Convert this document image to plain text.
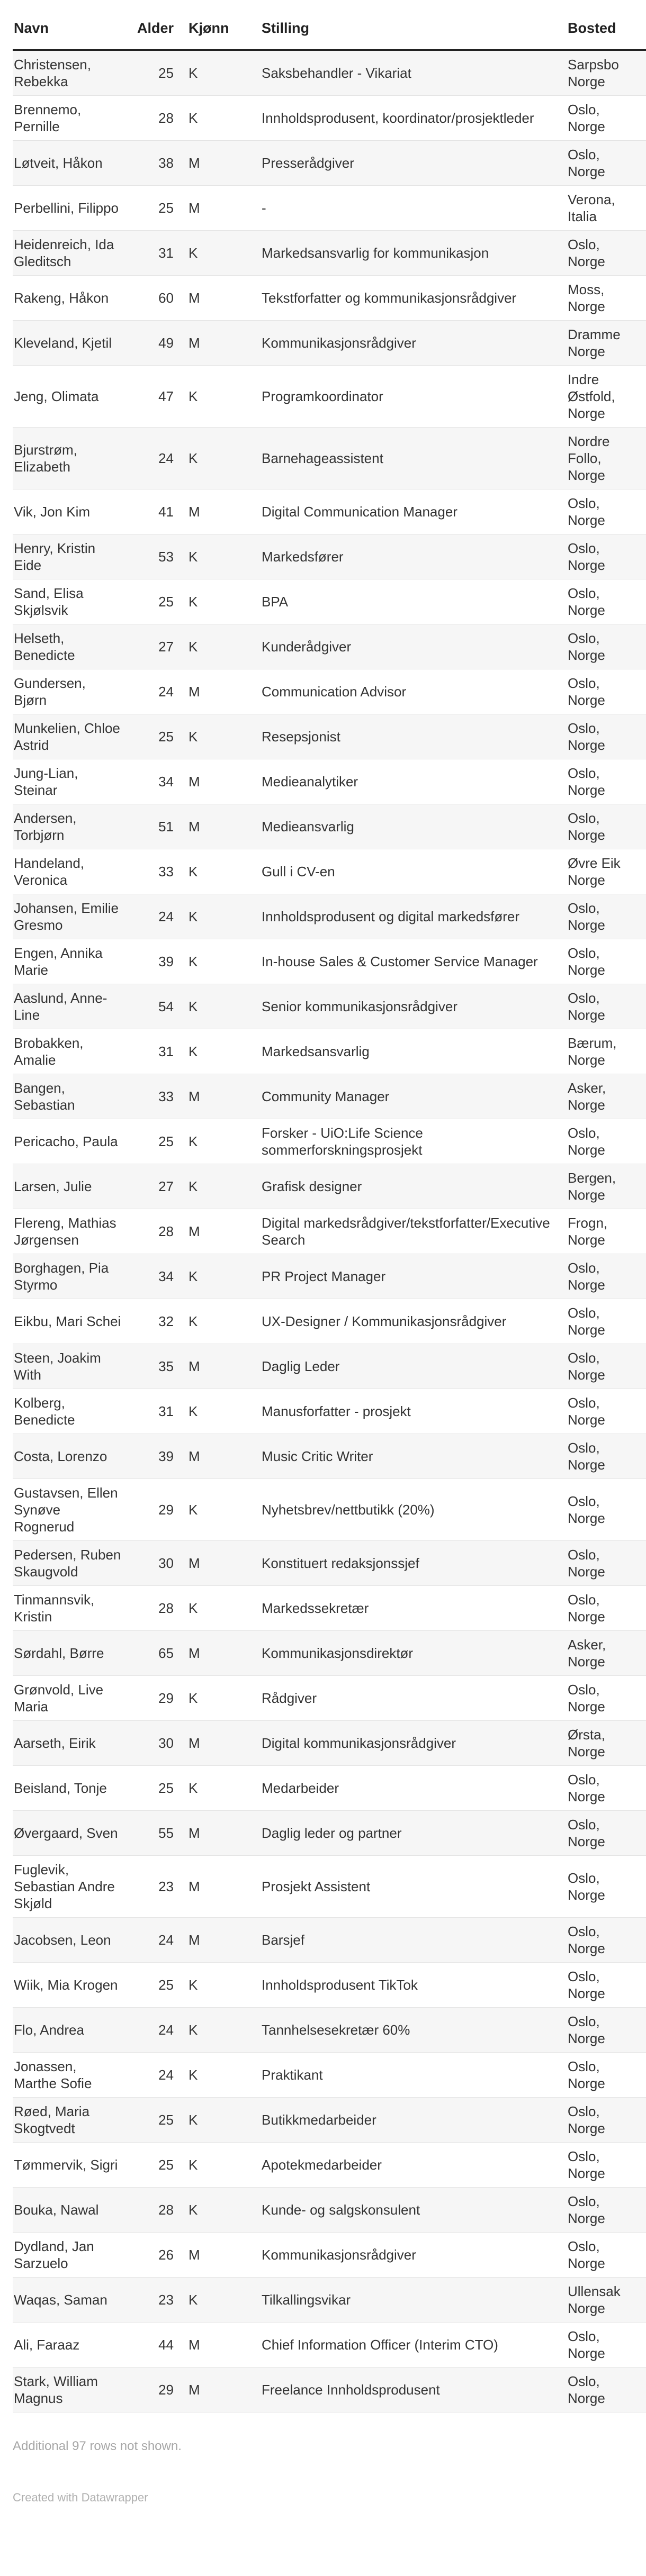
Navn	Alder	Kjønn	Stilling	Bosted
Christensen, Rebekka	25	K	Saksbehandler - Vikariat	Sarpsbo
Norge
Brennemo, Pernille	28	K	Innholdsprodusent, koordinator/prosjektleder	Oslo,
Norge
Løtveit, Håkon	38	M	Presserådgiver	Oslo,
Norge
Perbellini, Filippo	25	M	-	Verona,
Italia
Heidenreich, Ida Gleditsch	31	K	Markedsansvarlig for kommunikasjon	Oslo,
Norge
Rakeng, Håkon	60	M	Tekstforfatter og kommunikasjonsrådgiver	Moss,
Norge
Kleveland, Kjetil	49	M	Kommunikasjonsrådgiver	Dramme
Norge
Jeng, Olimata	47	K	Programkoordinator	Indre
Østfold,
Norge
Bjurstrøm, Elizabeth	24	K	Barnehageassistent	Nordre
Follo,
Norge
Vik, Jon Kim	41	M	Digital Communication Manager	Oslo,
Norge
Henry, Kristin Eide	53	K	Markedsfører	Oslo,
Norge
Sand, Elisa Skjølsvik	25	K	BPA	Oslo,
Norge
Helseth, Benedicte	27	K	Kunderådgiver	Oslo,
Norge
Gundersen, Bjørn	24	M	Communication Advisor	Oslo,
Norge
Munkelien, Chloe Astrid	25	K	Resepsjonist	Oslo,
Norge
Jung-Lian, Steinar	34	M	Medieanalytiker	Oslo,
Norge
Andersen, Torbjørn	51	M	Medieansvarlig	Oslo,
Norge
Handeland, Veronica	33	K	Gull i CV-en	Øvre Eik
Norge
Johansen, Emilie Gresmo	24	K	Innholdsprodusent og digital markedsfører	Oslo,
Norge
Engen, Annika Marie	39	K	In-house Sales & Customer Service Manager	Oslo,
Norge
Aaslund, Anne-Line	54	K	Senior kommunikasjonsrådgiver	Oslo,
Norge
Brobakken, Amalie	31	K	Markedsansvarlig	Bærum,
Norge
Bangen, Sebastian	33	M	Community Manager	Asker,
Norge
Pericacho, Paula	25	K	Forsker - UiO:Life Science sommerforskningsprosjekt	Oslo,
Norge
Larsen, Julie	27	K	Grafisk designer	Bergen,
Norge
Flereng, Mathias Jørgensen	28	M	Digital markedsrådgiver/tekstforfatter/Executive Search	Frogn,
Norge
Borghagen, Pia Styrmo	34	K	PR Project Manager	Oslo,
Norge
Eikbu, Mari Schei	32	K	UX-Designer / Kommunikasjonsrådgiver	Oslo,
Norge
Steen, Joakim With	35	M	Daglig Leder	Oslo,
Norge
Kolberg, Benedicte	31	K	Manusforfatter - prosjekt	Oslo,
Norge
Costa, Lorenzo	39	M	Music Critic Writer	Oslo,
Norge
Gustavsen, Ellen Synøve Rognerud	29	K	Nyhetsbrev/nettbutikk (20%)	Oslo,
Norge
Pedersen, Ruben Skaugvold	30	M	Konstituert redaksjonssjef	Oslo,
Norge
Tinmannsvik, Kristin	28	K	Markedssekretær	Oslo,
Norge
Sørdahl, Børre	65	M	Kommunikasjonsdirektør	Asker,
Norge
Grønvold, Live Maria	29	K	Rådgiver	Oslo,
Norge
Aarseth, Eirik	30	M	Digital kommunikasjonsrådgiver	Ørsta,
Norge
Beisland, Tonje	25	K	Medarbeider	Oslo,
Norge
Øvergaard, Sven	55	M	Daglig leder og partner	Oslo,
Norge
Fuglevik, Sebastian Andre Skjøld	23	M	Prosjekt Assistent	Oslo,
Norge
Jacobsen, Leon	24	M	Barsjef	Oslo,
Norge
Wiik, Mia Krogen	25	K	Innholdsprodusent TikTok	Oslo,
Norge
Flo, Andrea	24	K	Tannhelsesekretær 60%	Oslo,
Norge
Jonassen, Marthe Sofie	24	K	Praktikant	Oslo,
Norge
Røed, Maria Skogtvedt	25	K	Butikkmedarbeider	Oslo,
Norge
Tømmervik, Sigri	25	K	Apotekmedarbeider	Oslo,
Norge
Bouka, Nawal	28	K	Kunde- og salgskonsulent	Oslo,
Norge
Dydland, Jan Sarzuelo	26	M	Kommunikasjonsrådgiver	Oslo,
Norge
Waqas, Saman	23	K	Tilkallingsvikar	Ullensak
Norge
Ali, Faraaz	44	M	Chief Information Officer (Interim CTO)	Oslo,
Norge
Stark, William Magnus	29	M	Freelance Innholdsprodusent	Oslo,
Norge
Additional 97 rows not shown.
Created with Datawrapper
